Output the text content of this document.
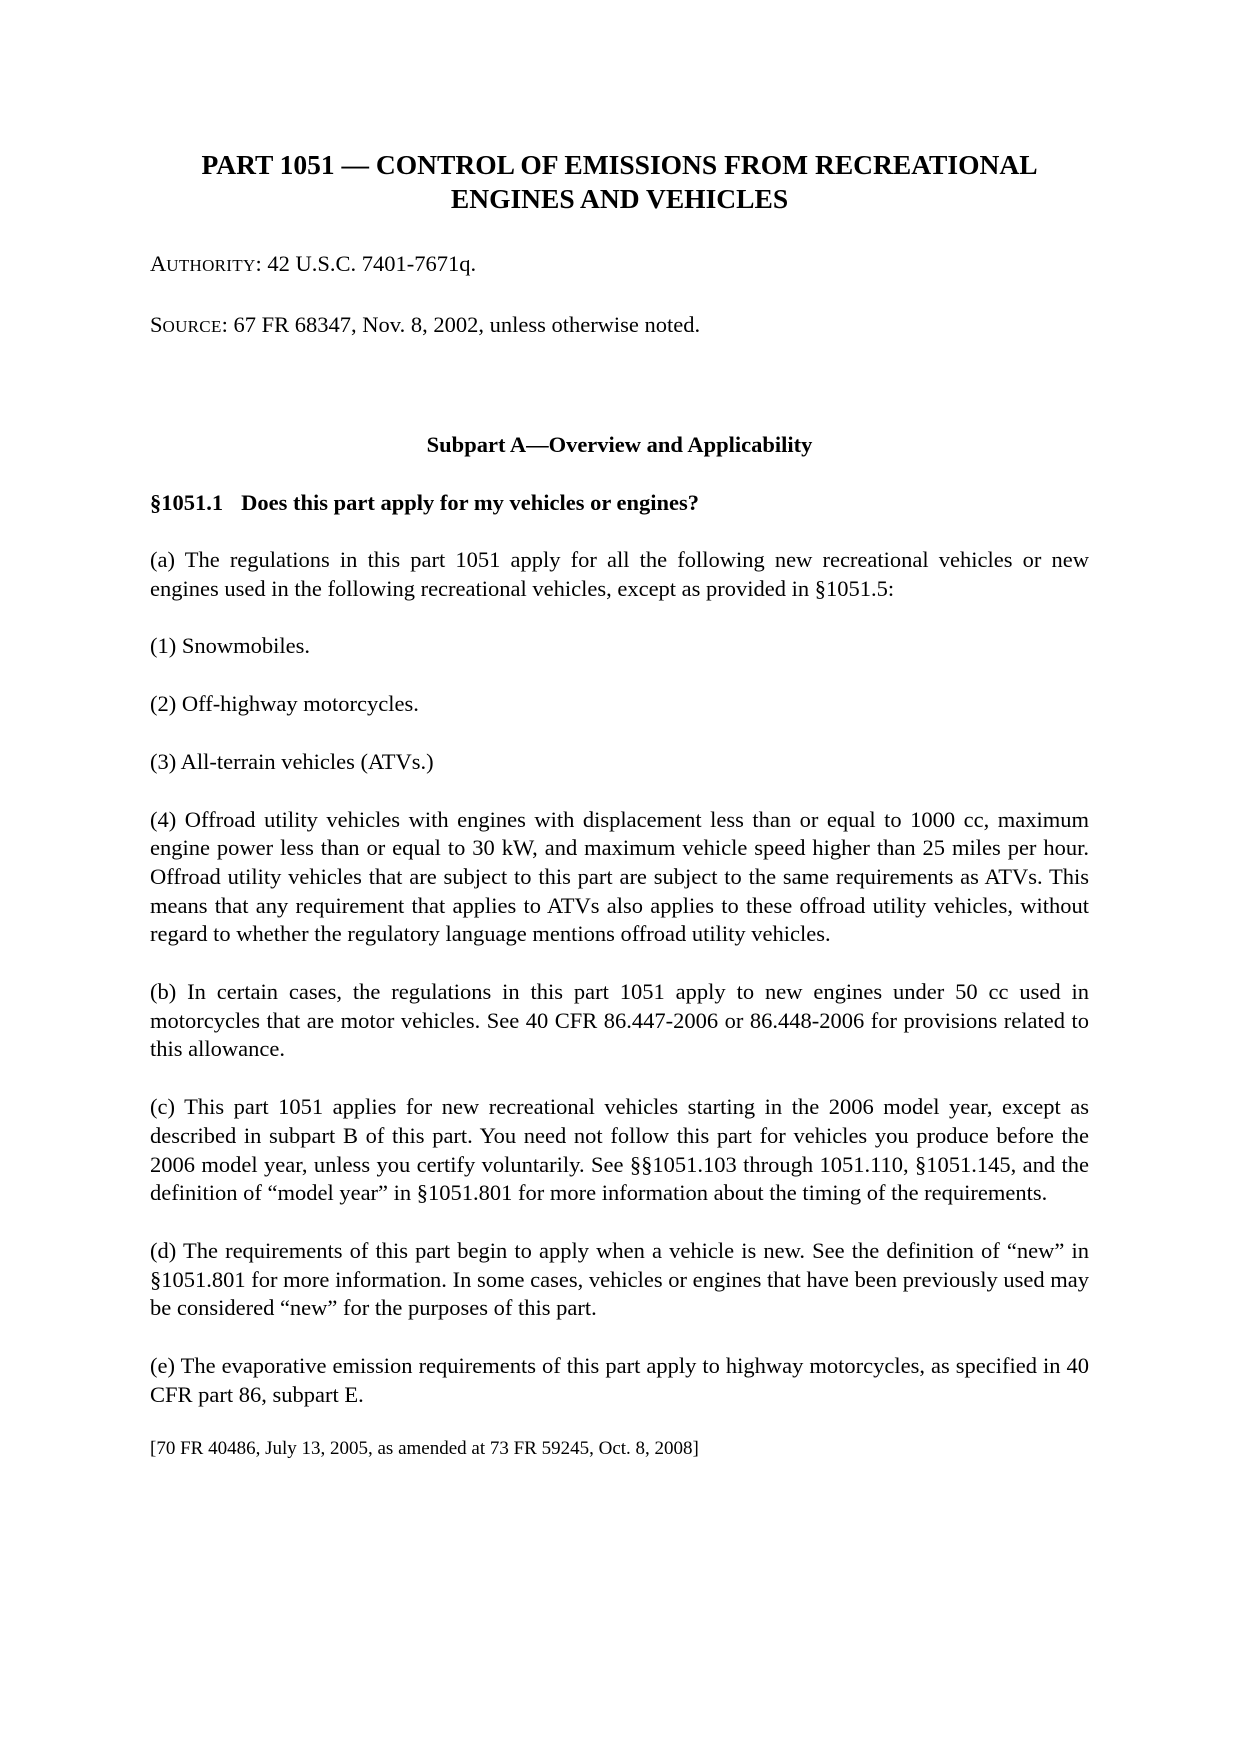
PART 1051 — CONTROL OF EMISSIONS FROM RECREATIONAL ENGINES AND VEHICLES

AUTHORITY: 42 U.S.C. 7401-7671q.

SOURCE: 67 FR 68347, Nov. 8, 2002, unless otherwise noted.

Subpart A—Overview and Applicability
§1051.1 Does this part apply for my vehicles or engines?

(a) The regulations in this part 1051 apply for all the following new recreational vehicles or new engines used in the following recreational vehicles, except as provided in §1051.5:

(1) Snowmobiles.

(2) Off-highway motorcycles.

(3) All-terrain vehicles (ATVs.)

(4) Offroad utility vehicles with engines with displacement less than or equal to 1000 cc, maximum engine power less than or equal to 30 kW, and maximum vehicle speed higher than 25 miles per hour. Offroad utility vehicles that are subject to this part are subject to the same requirements as ATVs. This means that any requirement that applies to ATVs also applies to these offroad utility vehicles, without regard to whether the regulatory language mentions offroad utility vehicles.

(b) In certain cases, the regulations in this part 1051 apply to new engines under 50 cc used in motorcycles that are motor vehicles. See 40 CFR 86.447-2006 or 86.448-2006 for provisions related to this allowance.

(c) This part 1051 applies for new recreational vehicles starting in the 2006 model year, except as described in subpart B of this part. You need not follow this part for vehicles you produce before the 2006 model year, unless you certify voluntarily. See §§1051.103 through 1051.110, §1051.145, and the definition of “model year” in §1051.801 for more information about the timing of the requirements.

(d) The requirements of this part begin to apply when a vehicle is new. See the definition of “new” in §1051.801 for more information. In some cases, vehicles or engines that have been previously used may be considered “new” for the purposes of this part.

(e) The evaporative emission requirements of this part apply to highway motorcycles, as specified in 40 CFR part 86, subpart E.

[70 FR 40486, July 13, 2005, as amended at 73 FR 59245, Oct. 8, 2008]
